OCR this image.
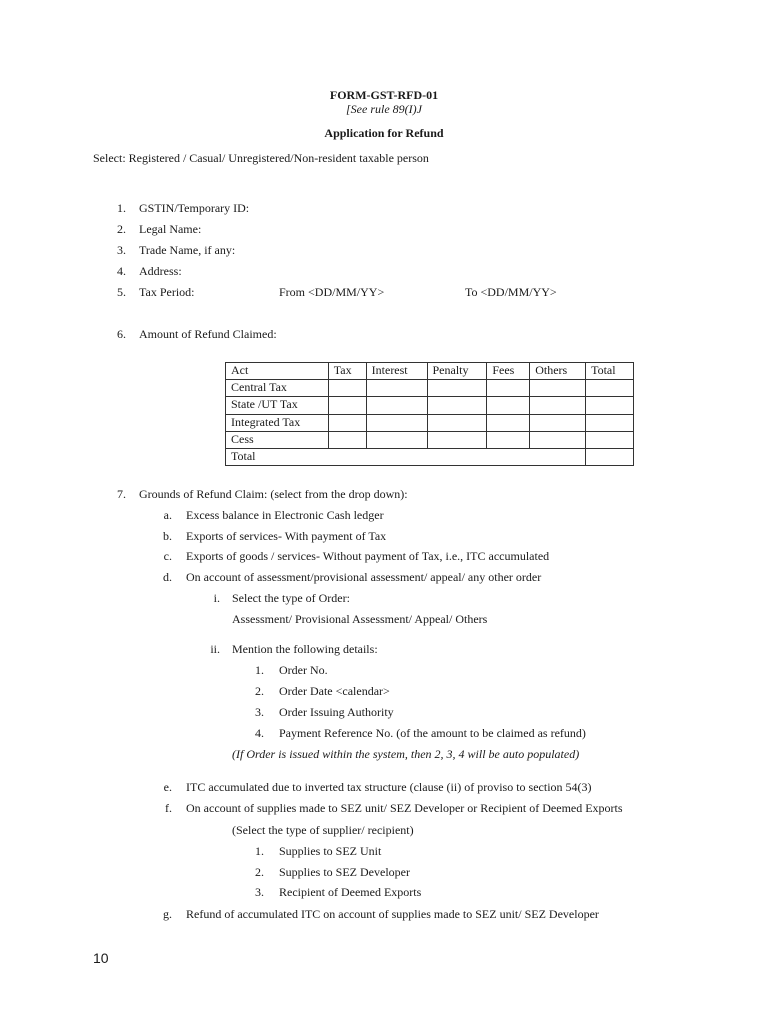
FORM-GST-RFD-01
[See rule 89(I)J
Application for Refund
Select: Registered / Casual/ Unregistered/Non-resident taxable person
1. GSTIN/Temporary ID:
2. Legal Name:
3. Trade Name, if any:
4. Address:
5. Tax Period:	From <DD/MM/YY>	To <DD/MM/YY>
6. Amount of Refund Claimed:
Act	Tax	Interest	Penalty	Fees	Others	Total
Central Tax						
State /UT Tax						
Integrated Tax						
Cess						
Total						
7. Grounds of Refund Claim: (select from the drop down):
a. Excess balance in Electronic Cash ledger
b. Exports of services- With payment of Tax
c. Exports of goods / services- Without payment of Tax, i.e., ITC accumulated
d. On account of assessment/provisional assessment/ appeal/ any other order
i. Select the type of Order:
Assessment/ Provisional Assessment/ Appeal/ Others
ii. Mention the following details:
1. Order No.
2. Order Date <calendar>
3. Order Issuing Authority
4. Payment Reference No. (of the amount to be claimed as refund)
(If Order is issued within the system, then 2, 3, 4 will be auto populated)
e. ITC accumulated due to inverted tax structure (clause (ii) of proviso to section 54(3)
f. On account of supplies made to SEZ unit/ SEZ Developer or Recipient of Deemed Exports
(Select the type of supplier/ recipient)
1. Supplies to SEZ Unit
2. Supplies to SEZ Developer
3. Recipient of Deemed Exports
g. Refund of accumulated ITC on account of supplies made to SEZ unit/ SEZ Developer
10
